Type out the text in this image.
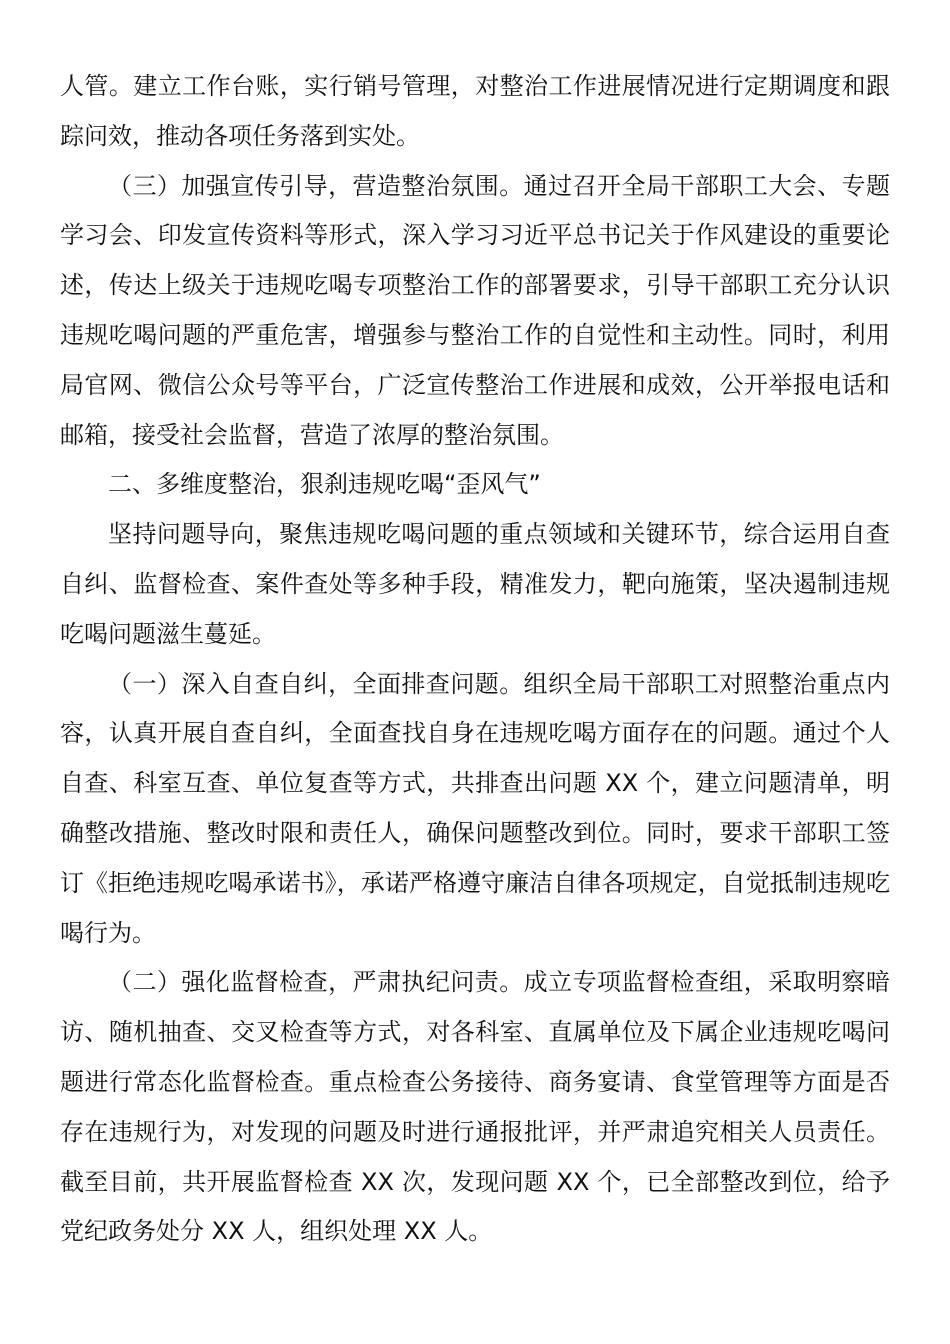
人管。建立工作台账，实行销号管理，对整治工作进展情况进行定期调度和跟踪问效，推动各项任务落到实处。

（三）加强宣传引导，营造整治氛围。通过召开全局干部职工大会、专题学习会、印发宣传资料等形式，深入学习习近平总书记关于作风建设的重要论述，传达上级关于违规吃喝专项整治工作的部署要求，引导干部职工充分认识违规吃喝问题的严重危害，增强参与整治工作的自觉性和主动性。同时，利用局官网、微信公众号等平台，广泛宣传整治工作进展和成效，公开举报电话和邮箱，接受社会监督，营造了浓厚的整治氛围。

二、多维度整治，狠刹违规吃喝“歪风气”

坚持问题导向，聚焦违规吃喝问题的重点领域和关键环节，综合运用自查自纠、监督检查、案件查处等多种手段，精准发力，靶向施策，坚决遏制违规吃喝问题滋生蔓延。

（一）深入自查自纠，全面排查问题。组织全局干部职工对照整治重点内容，认真开展自查自纠，全面查找自身在违规吃喝方面存在的问题。通过个人自查、科室互查、单位复查等方式，共排查出问题 XX 个，建立问题清单，明确整改措施、整改时限和责任人，确保问题整改到位。同时，要求干部职工签订《拒绝违规吃喝承诺书》，承诺严格遵守廉洁自律各项规定，自觉抵制违规吃喝行为。

（二）强化监督检查，严肃执纪问责。成立专项监督检查组，采取明察暗访、随机抽查、交叉检查等方式，对各科室、直属单位及下属企业违规吃喝问题进行常态化监督检查。重点检查公务接待、商务宴请、食堂管理等方面是否存在违规行为，对发现的问题及时进行通报批评，并严肃追究相关人员责任。截至目前，共开展监督检查 XX 次，发现问题 XX 个，已全部整改到位，给予党纪政务处分 XX 人，组织处理 XX 人。
